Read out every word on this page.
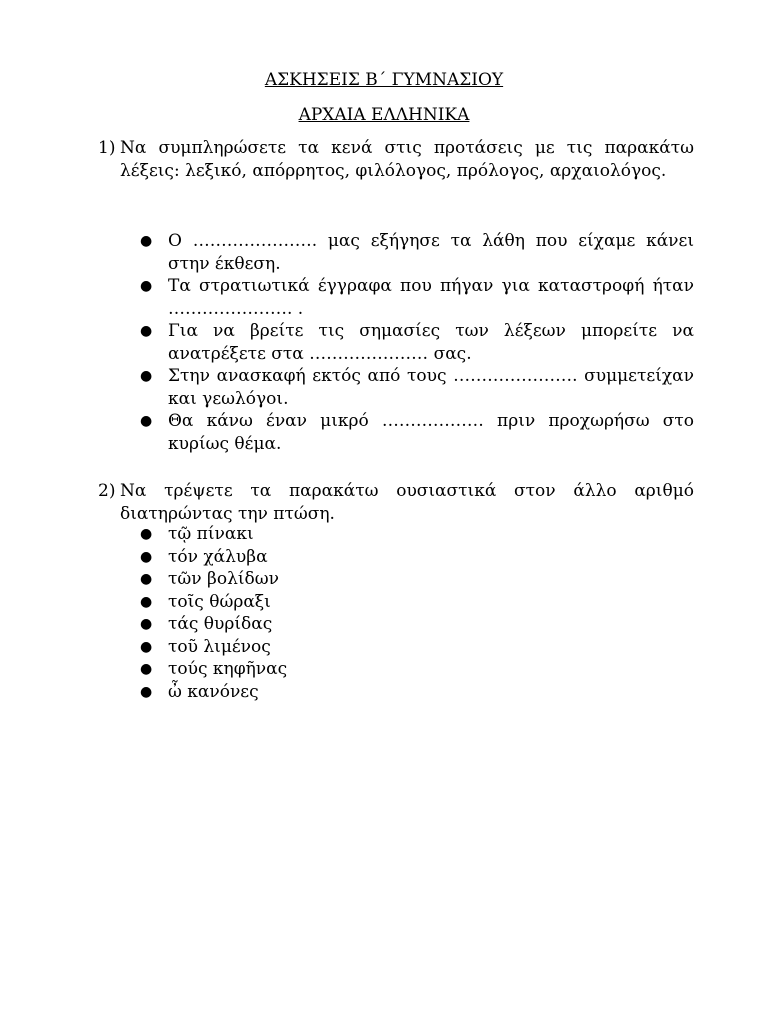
ΑΣΚΗΣΕΙΣ Β΄ ΓΥΜΝΑΣΙΟΥ
ΑΡΧΑΙΑ ΕΛΛΗΝΙΚΑ
1) Να συμπληρώσετε τα κενά στις προτάσεις με τις παρακάτω λέξεις: λεξικό, απόρρητος, φιλόλογος, πρόλογος, αρχαιολόγος.
● Ο …………………. μας εξήγησε τα λάθη που είχαμε κάνει στην έκθεση.
● Τα στρατιωτικά έγγραφα που πήγαν για καταστροφή ήταν …………………. .
● Για να βρείτε τις σημασίες των λέξεων μπορείτε να ανατρέξετε στα ………………… σας.
● Στην ανασκαφή εκτός από τους …………………. συμμετείχαν και γεωλόγοι.
● Θα κάνω έναν μικρό ……………… πριν προχωρήσω στο κυρίως θέμα.
2) Να τρέψετε τα παρακάτω ουσιαστικά στον άλλο αριθμό διατηρώντας την πτώση.
● τῷ πίνακι
● τόν χάλυβα
● τῶν βολίδων
● τοῖς θώραξι
● τάς θυρίδας
● τοῦ λιμένος
● τούς κηφῆνας
● ὦ κανόνες
